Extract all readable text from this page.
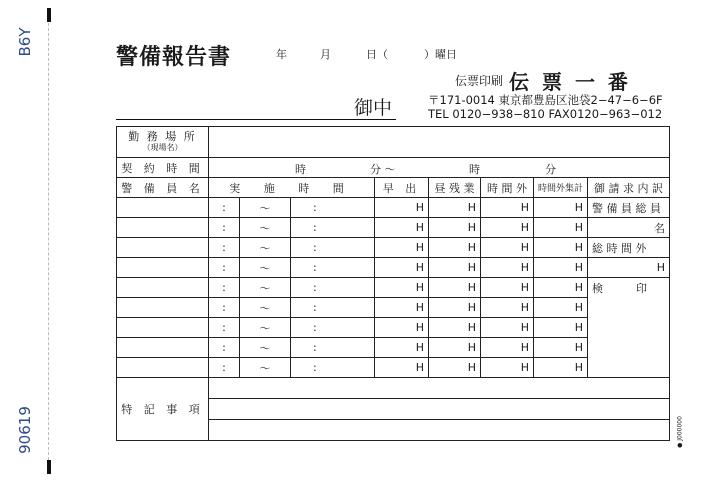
B6Y
90619
警備報告書	年	月	日（	）曜日
伝票印刷 伝 票 一 番
御中	〒171-0014 東京都豊島区池袋2−47−6−6F
TEL 0120−938−810 FAX0120−963−012
勤 務 場 所
（現場名）								

契 約 時 間	時 分 〜 時 分							

警 備 員 名	実 施 時 間			早 出	昼 残 業	時 間 外	時間外集計	御 請 求 内 訳
	:	〜	:	H	H	H	H	警 備 員 総 員
	:	〜	:	H	H	H	H	名
	:	〜	:	H	H	H	H	総 時 間 外
	:	〜	:	H	H	H	H	H
	:	〜	:	H	H	H	H	検　　　印
	:	〜	:	H	H	H	H	
	:	〜	:	H	H	H	H	
	:	〜	:	H	H	H	H	
	:	〜	:	H	H	H	H	
特 記 事 項								

● J000000
